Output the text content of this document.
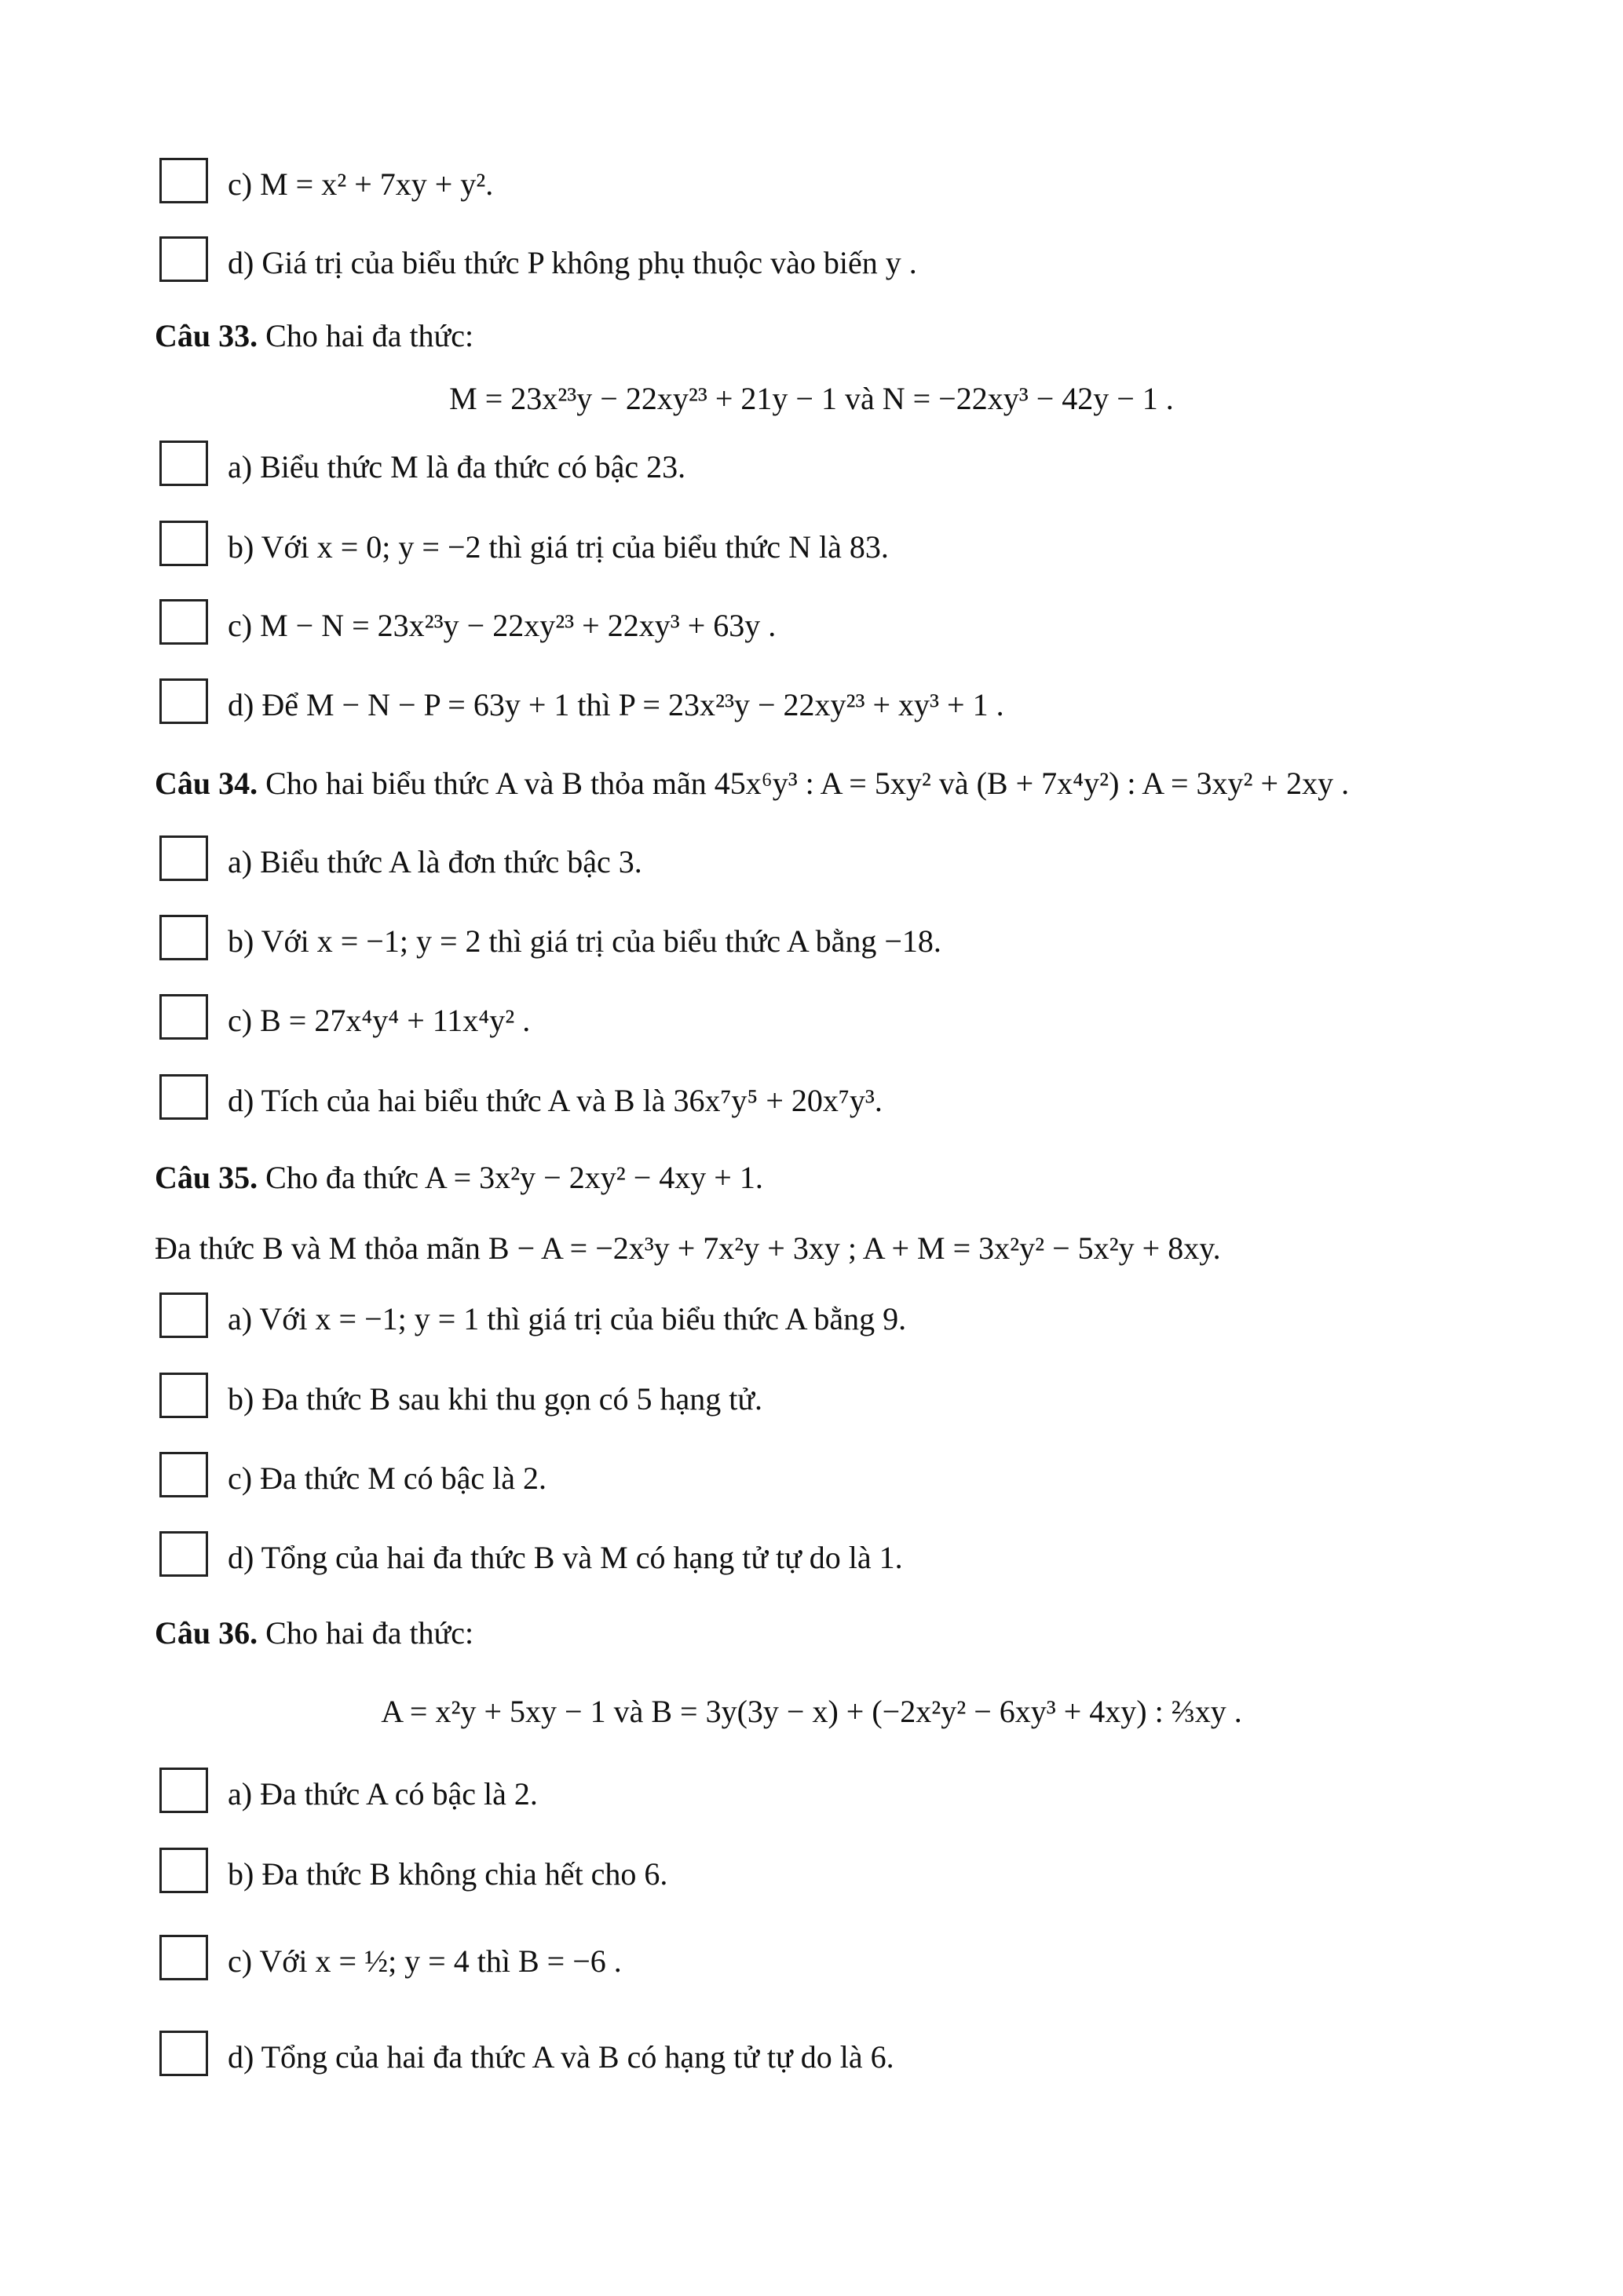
c) M = x² + 7xy + y².
d) Giá trị của biểu thức P không phụ thuộc vào biến y .
Câu 33. Cho hai đa thức:
M = 23x²³y − 22xy²³ + 21y − 1 và N = −22xy³ − 42y − 1 .
a) Biểu thức M là đa thức có bậc 23.
b) Với x = 0; y = −2 thì giá trị của biểu thức N là 83.
c) M − N = 23x²³y − 22xy²³ + 22xy³ + 63y .
d) Để M − N − P = 63y + 1 thì P = 23x²³y − 22xy²³ + xy³ + 1 .
Câu 34. Cho hai biểu thức A và B thỏa mãn 45x⁶y³ : A = 5xy² và (B + 7x⁴y²) : A = 3xy² + 2xy .
a) Biểu thức A là đơn thức bậc 3.
b) Với x = −1; y = 2 thì giá trị của biểu thức A bằng −18.
c) B = 27x⁴y⁴ + 11x⁴y² .
d) Tích của hai biểu thức A và B là 36x⁷y⁵ + 20x⁷y³.
Câu 35. Cho đa thức A = 3x²y − 2xy² − 4xy + 1.
Đa thức B và M thỏa mãn B − A = −2x³y + 7x²y + 3xy ; A + M = 3x²y² − 5x²y + 8xy.
a) Với x = −1; y = 1 thì giá trị của biểu thức A bằng 9.
b) Đa thức B sau khi thu gọn có 5 hạng tử.
c) Đa thức M có bậc là 2.
d) Tổng của hai đa thức B và M có hạng tử tự do là 1.
Câu 36. Cho hai đa thức:
A = x²y + 5xy − 1 và B = 3y(3y − x) + (−2x²y² − 6xy³ + 4xy) : ⅔xy .
a) Đa thức A có bậc là 2.
b) Đa thức B không chia hết cho 6.
c) Với x = ½; y = 4 thì B = −6 .
d) Tổng của hai đa thức A và B có hạng tử tự do là 6.
